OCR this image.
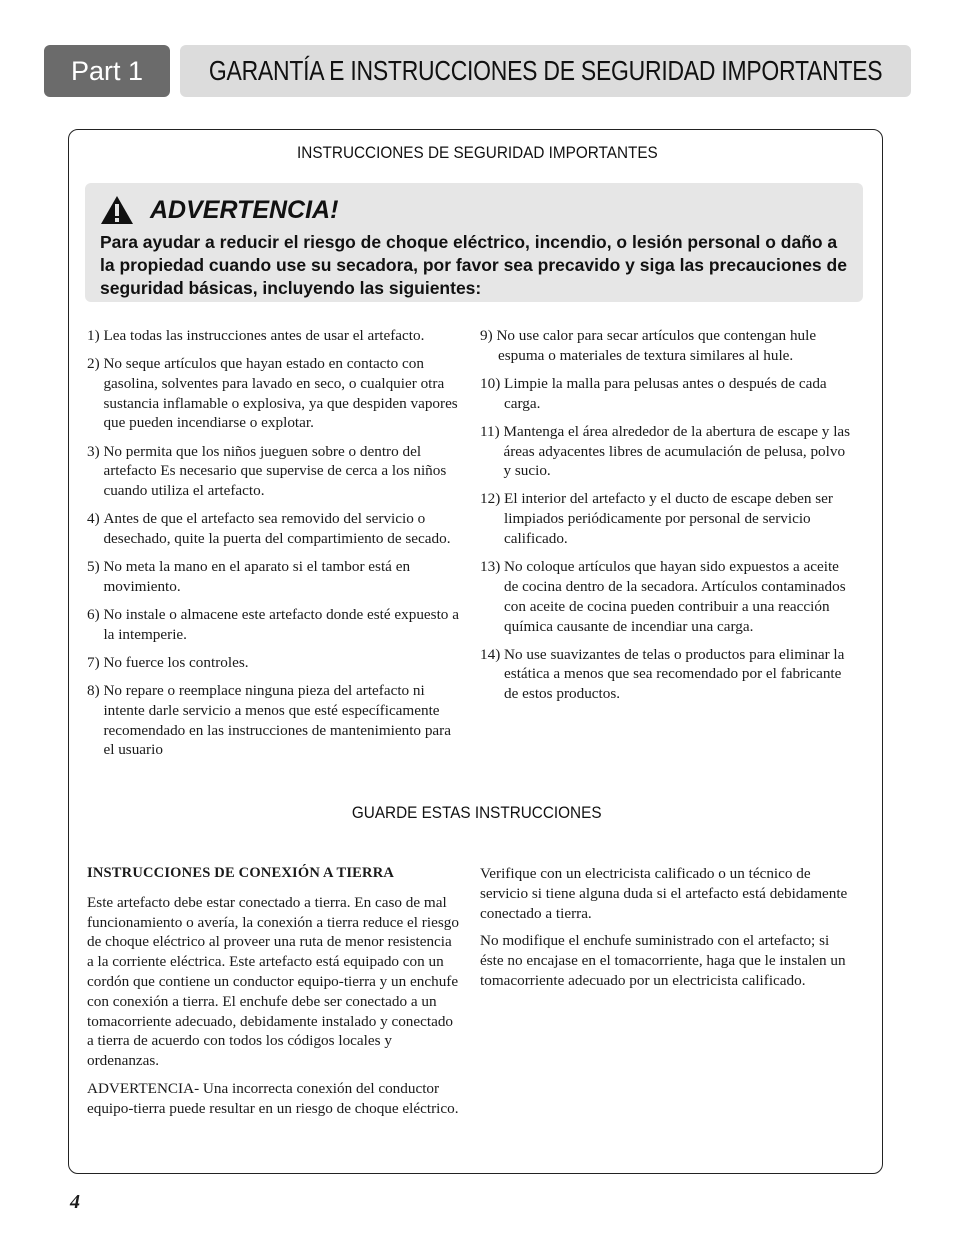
Part 1 GARANTÍA E INSTRUCCIONES DE SEGURIDAD IMPORTANTES
INSTRUCCIONES DE SEGURIDAD IMPORTANTES
ADVERTENCIA!
Para ayudar a reducir el riesgo de choque eléctrico, incendio, o lesión personal o daño a la propiedad cuando use su secadora, por favor sea precavido y siga las precauciones de seguridad básicas, incluyendo las siguientes:
1) Lea todas las instrucciones antes de usar el artefacto.
2) No seque artículos que hayan estado en contacto con gasolina, solventes para lavado en seco, o cualquier otra sustancia inflamable o explosiva, ya que despiden vapores que pueden incendiarse o explotar.
3) No permita que los niños jueguen sobre o dentro del artefacto Es necesario que supervise de cerca a los niños cuando utiliza el artefacto.
4) Antes de que el artefacto sea removido del servicio o desechado, quite la puerta del compartimiento de secado.
5) No meta la mano en el aparato si el tambor está en movimiento.
6) No instale o almacene este artefacto donde esté expuesto a la intemperie.
7) No fuerce los controles.
8) No repare o reemplace ninguna pieza del artefacto ni intente darle servicio a menos que esté específicamente recomendado en las instrucciones de mantenimiento para el usuario
9) No use calor para secar artículos que contengan hule espuma o materiales de textura similares al hule.
10) Limpie la malla para pelusas antes o después de cada carga.
11) Mantenga el área alrededor de la abertura de escape y las áreas adyacentes libres de acumulación de pelusa, polvo y sucio.
12) El interior del artefacto y el ducto de escape deben ser limpiados periódicamente por personal de servicio calificado.
13) No coloque artículos que hayan sido expuestos a aceite de cocina dentro de la secadora. Artículos contaminados con aceite de cocina pueden contribuir a una reacción química causante de incendiar una carga.
14) No use suavizantes de telas o productos para eliminar la estática a menos que sea recomendado por el fabricante de estos productos.
GUARDE ESTAS INSTRUCCIONES

INSTRUCCIONES DE CONEXIÓN A TIERRA

Este artefacto debe estar conectado a tierra. En caso de mal funcionamiento o avería, la conexión a tierra reduce el riesgo de choque eléctrico al proveer una ruta de menor resistencia a la corriente eléctrica. Este artefacto está equipado con un cordón que contiene un conductor equipo-tierra y un enchufe con conexión a tierra. El enchufe debe ser conectado a un tomacorriente adecuado, debidamente instalado y conectado a tierra de acuerdo con todos los códigos locales y ordenanzas.

ADVERTENCIA- Una incorrecta conexión del conductor equipo-tierra puede resultar en un riesgo de choque eléctrico.

Verifique con un electricista calificado o un técnico de servicio si tiene alguna duda si el artefacto está debidamente conectado a tierra.

No modifique el enchufe suministrado con el artefacto; si éste no encajase en el tomacorriente, haga que le instalen un tomacorriente adecuado por un electricista calificado.

4
